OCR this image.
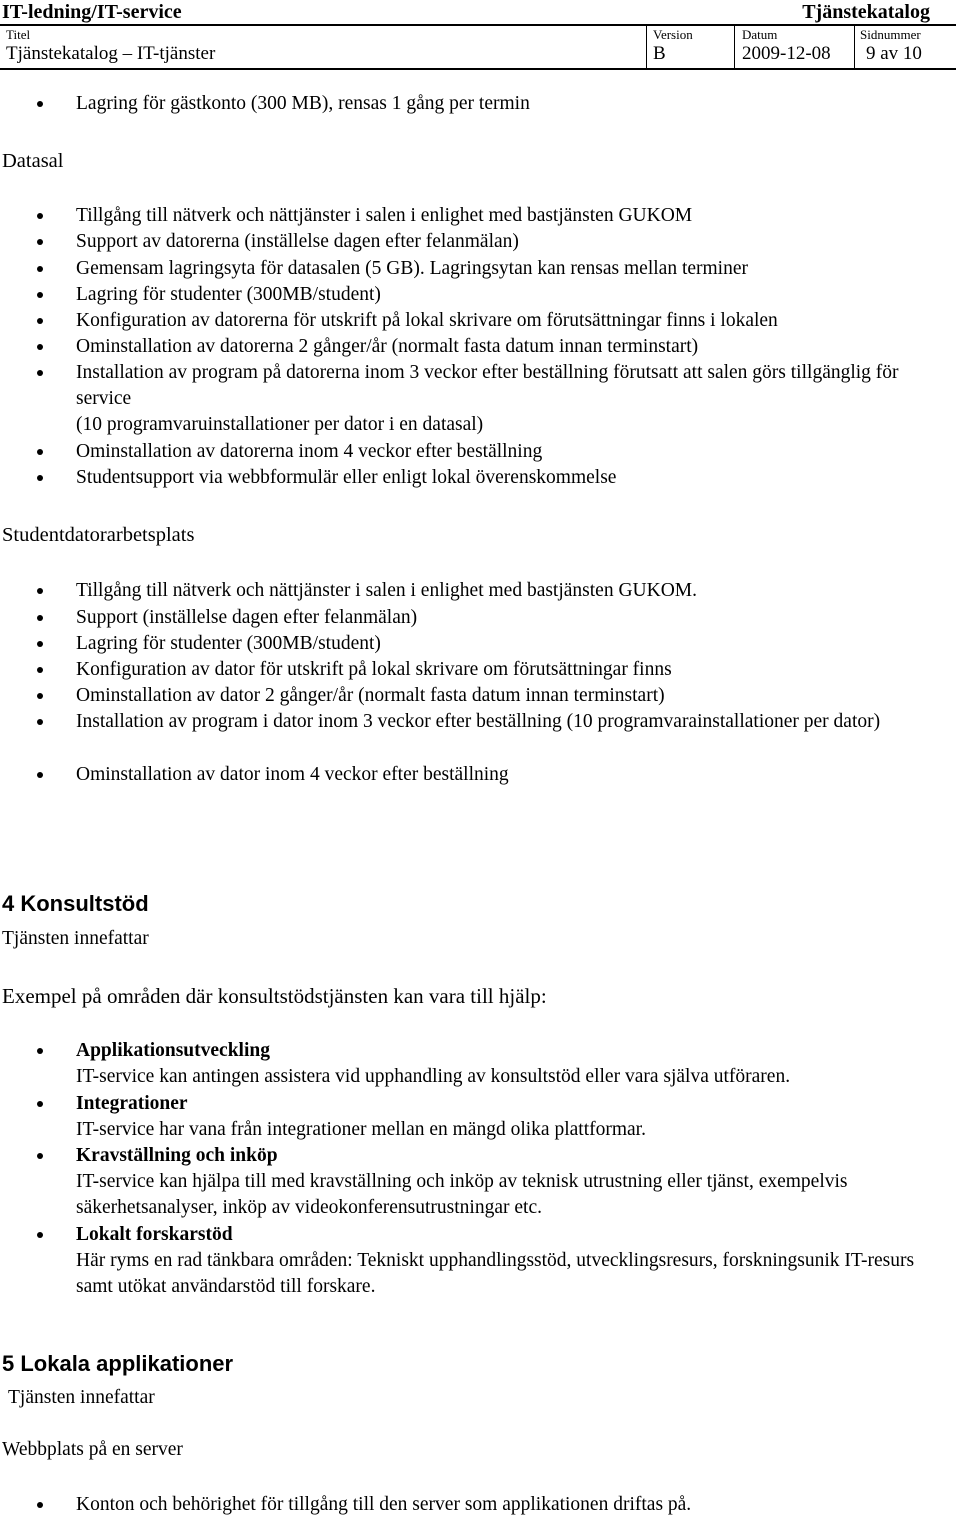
IT-ledning/IT-service	Tjänstekatalog
Titel
Tjänstekatalog – IT-tjänster
Version
B
Datum
2009-12-08
Sidnummer
9 av 10
Lagring för gästkonto (300 MB), rensas 1 gång per termin
Datasal
Tillgång till nätverk och nättjänster i salen i enlighet med bastjänsten GUKOM
Support av datorerna (inställelse dagen efter felanmälan)
Gemensam lagringsyta för datasalen (5 GB). Lagringsytan kan rensas mellan terminer
Lagring för studenter (300MB/student)
Konfiguration av datorerna för utskrift på lokal skrivare om förutsättningar finns i lokalen
Ominstallation av datorerna 2 gånger/år (normalt fasta datum innan terminstart)
Installation av program på datorerna inom 3 veckor efter beställning förutsatt att salen görs tillgänglig för service
(10 programvaruinstallationer per dator i en datasal)
Ominstallation av datorerna inom 4 veckor efter beställning
Studentsupport via webbformulär eller enligt lokal överenskommelse
Studentdatorarbetsplats
Tillgång till nätverk och nättjänster i salen i enlighet med bastjänsten GUKOM.
Support (inställelse dagen efter felanmälan)
Lagring för studenter (300MB/student)
Konfiguration av dator för utskrift på lokal skrivare om förutsättningar finns
Ominstallation av dator 2 gånger/år (normalt fasta datum innan terminstart)
Installation av program i dator inom 3 veckor efter beställning (10 programvarainstallationer per dator)
Ominstallation av dator inom 4 veckor efter beställning
4 Konsultstöd
Tjänsten innefattar
Exempel på områden där konsultstödstjänsten kan vara till hjälp:
Applikationsutveckling
IT-service kan antingen assistera vid upphandling av konsultstöd eller vara själva utföraren.
Integrationer
IT-service har vana från integrationer mellan en mängd olika plattformar.
Kravställning och inköp
IT-service kan hjälpa till med kravställning och inköp av teknisk utrustning eller tjänst, exempelvis säkerhetsanalyser, inköp av videokonferensutrustningar etc.
Lokalt forskarstöd
Här ryms en rad tänkbara områden: Tekniskt upphandlingsstöd, utvecklingsresurs, forskningsunik IT-resurs samt utökat användarstöd till forskare.
5 Lokala applikationer
Tjänsten innefattar
Webbplats på en server
Konton och behörighet för tillgång till den server som applikationen driftas på.
